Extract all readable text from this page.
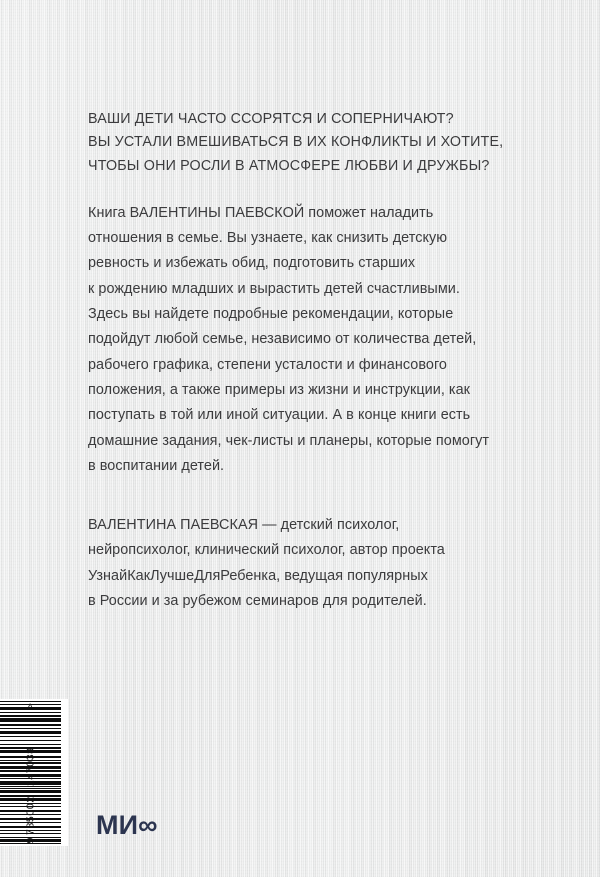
ВАШИ ДЕТИ ЧАСТО ССОРЯТСЯ И СОПЕРНИЧАЮТ?
ВЫ УСТАЛИ ВМЕШИВАТЬСЯ В ИХ КОНФЛИКТЫ И ХОТИТЕ,
ЧТОБЫ ОНИ РОСЛИ В АТМОСФЕРЕ ЛЮБВИ И ДРУЖБЫ?
Книга ВАЛЕНТИНЫ ПАЕВСКОЙ поможет наладить
отношения в семье. Вы узнаете, как снизить детскую
ревность и избежать обид, подготовить старших
к рождению младших и вырастить детей счастливыми.
Здесь вы найдете подробные рекомендации, которые
подойдут любой семье, независимо от количества детей,
рабочего графика, степени усталости и финансового
положения, а также примеры из жизни и инструкции, как
поступать в той или иной ситуации. А в конце книги есть
домашние задания, чек-листы и планеры, которые помогут
в воспитании детей.
ВАЛЕНТИНА ПАЕВСКАЯ — детский психолог,
нейропсихолог, клинический психолог, автор проекта
УзнайКакЛучшеДляРебенка, ведущая популярных
в России и за рубежом семинаров для родителей.
9
785002
147038
>
МИ∞
